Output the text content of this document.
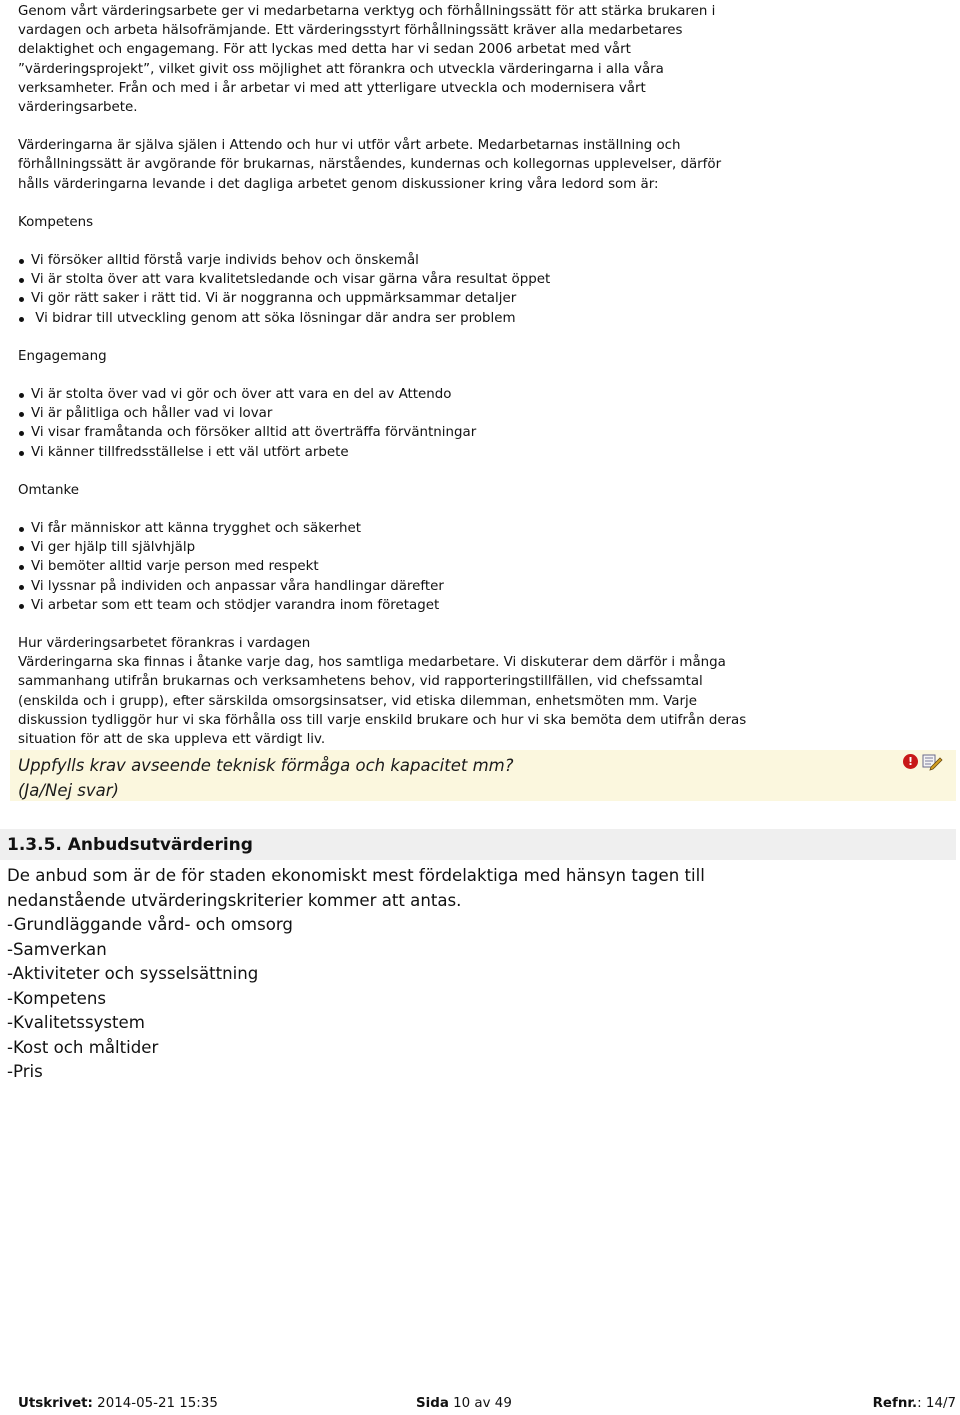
Genom vårt värderingsarbete ger vi medarbetarna verktyg och förhållningssätt för att stärka brukaren i
vardagen och arbeta hälsofrämjande. Ett värderingsstyrt förhållningssätt kräver alla medarbetares
delaktighet och engagemang. För att lyckas med detta har vi sedan 2006 arbetat med vårt
”värderingsprojekt”, vilket givit oss möjlighet att förankra och utveckla värderingarna i alla våra
verksamheter. Från och med i år arbetar vi med att ytterligare utveckla och modernisera vårt
värderingsarbete.

Värderingarna är själva själen i Attendo och hur vi utför vårt arbete. Medarbetarnas inställning och
förhållningssätt är avgörande för brukarnas, närståendes, kundernas och kollegornas upplevelser, därför
hålls värderingarna levande i det dagliga arbetet genom diskussioner kring våra ledord som är:

Kompetens

Vi försöker alltid förstå varje individs behov och önskemål
Vi är stolta över att vara kvalitetsledande och visar gärna våra resultat öppet
Vi gör rätt saker i rätt tid. Vi är noggranna och uppmärksammar detaljer
Vi bidrar till utveckling genom att söka lösningar där andra ser problem

Engagemang

Vi är stolta över vad vi gör och över att vara en del av Attendo
Vi är pålitliga och håller vad vi lovar
Vi visar framåtanda och försöker alltid att överträffa förväntningar
Vi känner tillfredsställelse i ett väl utfört arbete

Omtanke

Vi får människor att känna trygghet och säkerhet
Vi ger hjälp till självhjälp
Vi bemöter alltid varje person med respekt
Vi lyssnar på individen och anpassar våra handlingar därefter
Vi arbetar som ett team och stödjer varandra inom företaget

Hur värderingsarbetet förankras i vardagen
Värderingarna ska finnas i åtanke varje dag, hos samtliga medarbetare. Vi diskuterar dem därför i många
sammanhang utifrån brukarnas och verksamhetens behov, vid rapporteringstillfällen, vid chefssamtal
(enskilda och i grupp), efter särskilda omsorgsinsatser, vid etiska dilemman, enhetsmöten mm. Varje
diskussion tydliggör hur vi ska förhålla oss till varje enskild brukare och hur vi ska bemöta dem utifrån deras
situation för att de ska uppleva ett värdigt liv.

Uppfylls krav avseende teknisk förmåga och kapacitet mm?
(Ja/Nej svar)
!
1.3.5. Anbudsutvärdering

De anbud som är de för staden ekonomiskt mest fördelaktiga med hänsyn tagen till

nedanstående utvärderingskriterier kommer att antas.

-Grundläggande vård- och omsorg

-Samverkan

-Aktiviteter och sysselsättning

-Kompetens

-Kvalitetssystem

-Kost och måltider

-Pris

Utskrivet: 2014-05-21 15:35	Sida 10 av 49	Refnr.: 14/7
